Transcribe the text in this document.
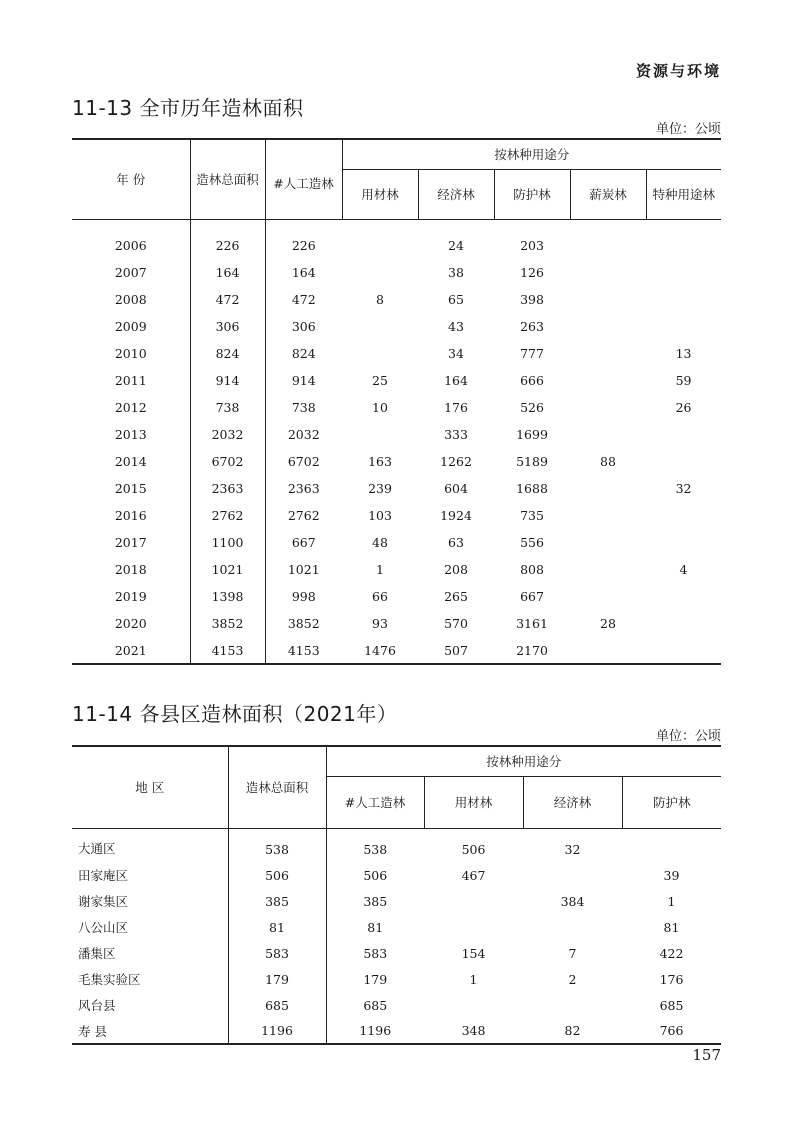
资源与环境
11-13 全市历年造林面积
单位：公顷
年 份	造林总面积	#人工造林	按林种用途分				
			用材林	经济林	防护林	薪炭林	特种用途林
2006	226	226		24	203		
2007	164	164		38	126		
2008	472	472	8	65	398		
2009	306	306		43	263		
2010	824	824		34	777		13
2011	914	914	25	164	666		59
2012	738	738	10	176	526		26
2013	2032	2032		333	1699		
2014	6702	6702	163	1262	5189	88	
2015	2363	2363	239	604	1688		32
2016	2762	2762	103	1924	735		
2017	1100	667	48	63	556		
2018	1021	1021	1	208	808		4
2019	1398	998	66	265	667		
2020	3852	3852	93	570	3161	28	
2021	4153	4153	1476	507	2170		
11-14 各县区造林面积（2021年）
单位：公顷
地 区	造林总面积	按林种用途分			
		#人工造林	用材林	经济林	防护林
大通区	538	538	506	32	
田家庵区	506	506	467		39
谢家集区	385	385		384	1
八公山区	81	81			81
潘集区	583	583	154	7	422
毛集实验区	179	179	1	2	176
风台县	685	685			685
寿 县	1196	1196	348	82	766
157
